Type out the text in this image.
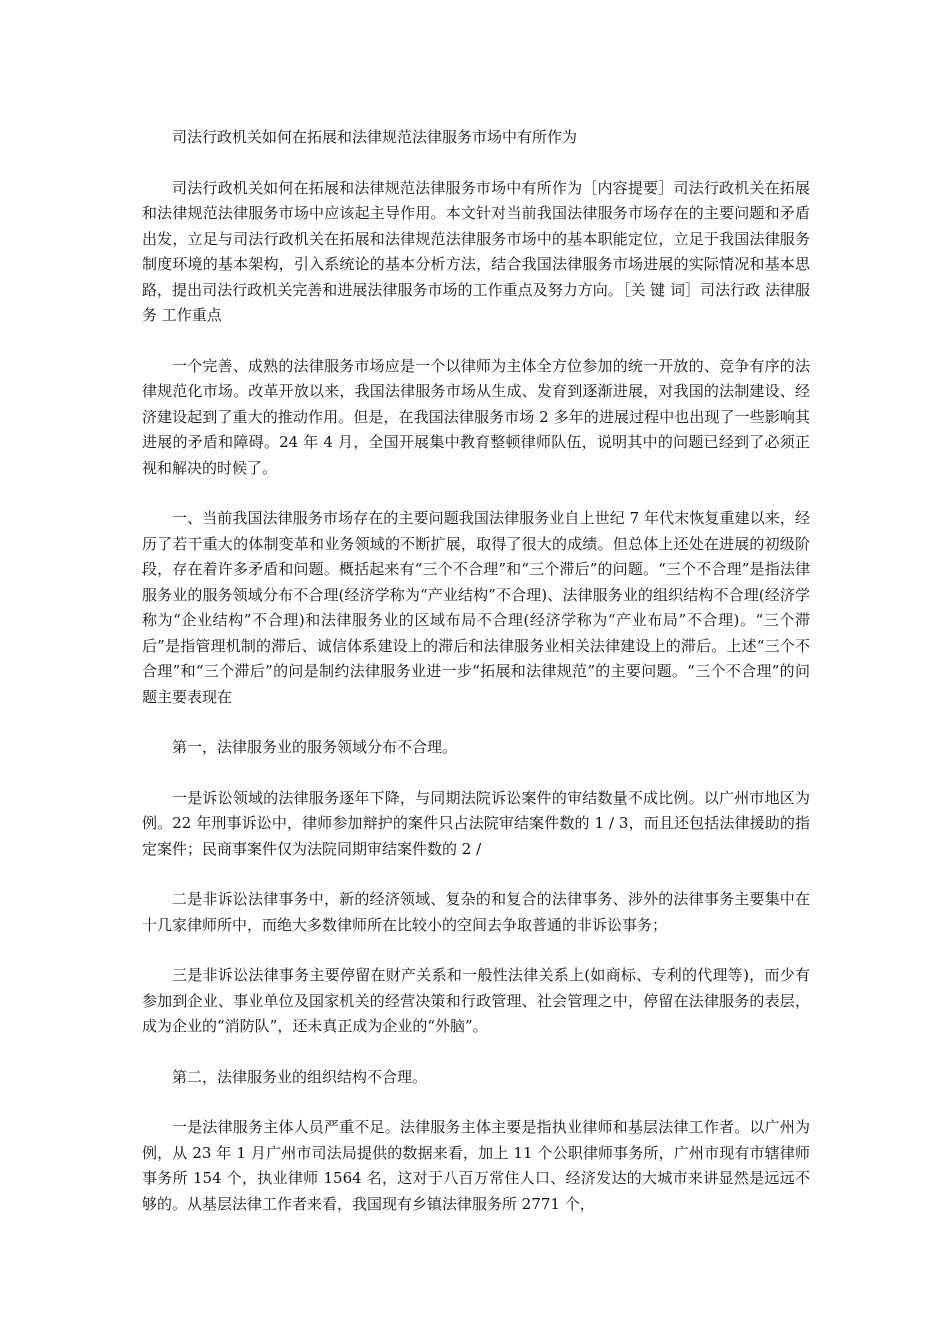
司法行政机关如何在拓展和法律规范法律服务市场中有所作为

司法行政机关如何在拓展和法律规范法律服务市场中有所作为［内容提要］司法行政机关在拓展和法律规范法律服务市场中应该起主导作用。本文针对当前我国法律服务市场存在的主要问题和矛盾出发，立足与司法行政机关在拓展和法律规范法律服务市场中的基本职能定位，立足于我国法律服务制度环境的基本架构，引入系统论的基本分析方法，结合我国法律服务市场进展的实际情况和基本思路，提出司法行政机关完善和进展法律服务市场的工作重点及努力方向。［关 键 词］司法行政 法律服务 工作重点

一个完善、成熟的法律服务市场应是一个以律师为主体全方位参加的统一开放的、竞争有序的法律规范化市场。改革开放以来，我国法律服务市场从生成、发育到逐渐进展，对我国的法制建设、经济建设起到了重大的推动作用。但是，在我国法律服务市场 2 多年的进展过程中也出现了一些影响其进展的矛盾和障碍。24 年 4 月，全国开展集中教育整顿律师队伍，说明其中的问题已经到了必须正视和解决的时候了。

一、当前我国法律服务市场存在的主要问题我国法律服务业自上世纪 7 年代末恢复重建以来，经历了若干重大的体制变革和业务领域的不断扩展，取得了很大的成绩。但总体上还处在进展的初级阶段，存在着许多矛盾和问题。概括起来有“三个不合理”和“三个滞后”的问题。“三个不合理”是指法律服务业的服务领域分布不合理(经济学称为“产业结构”不合理)、法律服务业的组织结构不合理(经济学称为“企业结构”不合理)和法律服务业的区域布局不合理(经济学称为“产业布局”不合理)。“三个滞后”是指管理机制的滞后、诚信体系建设上的滞后和法律服务业相关法律建设上的滞后。上述“三个不合理”和“三个滞后”的问是制约法律服务业进一步“拓展和法律规范”的主要问题。“三个不合理”的问题主要表现在

第一，法律服务业的服务领域分布不合理。

一是诉讼领域的法律服务逐年下降，与同期法院诉讼案件的审结数量不成比例。以广州市地区为例。22 年刑事诉讼中，律师参加辩护的案件只占法院审结案件数的 1 / 3，而且还包括法律援助的指定案件；民商事案件仅为法院同期审结案件数的 2 /

二是非诉讼法律事务中，新的经济领域、复杂的和复合的法律事务、涉外的法律事务主要集中在十几家律师所中，而绝大多数律师所在比较小的空间去争取普通的非诉讼事务；

三是非诉讼法律事务主要停留在财产关系和一般性法律关系上(如商标、专利的代理等)，而少有参加到企业、事业单位及国家机关的经营决策和行政管理、社会管理之中，停留在法律服务的表层，成为企业的“消防队”，还未真正成为企业的“外脑”。

第二，法律服务业的组织结构不合理。

一是法律服务主体人员严重不足。法律服务主体主要是指执业律师和基层法律工作者。以广州为例，从 23 年 1 月广州市司法局提供的数据来看，加上 11 个公职律师事务所，广州市现有市辖律师事务所 154 个，执业律师 1564 名，这对于八百万常住人口、经济发达的大城市来讲显然是远远不够的。从基层法律工作者来看，我国现有乡镇法律服务所 2771 个，
